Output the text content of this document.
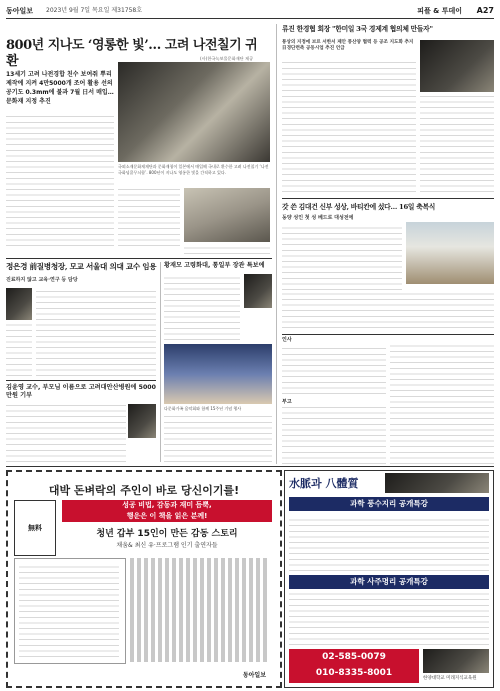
동아일보 2023년 9월 7일 목요일 제31758호	피플 & 투데이 A27
800년 지나도 ‘영롱한 빛’… 고려 나전칠기 귀환	(사)한국녹보물문화재단 제공
13세기 고려 나전경합 친수 보여줘 뿌리 제작에 지켜 4만5000개 조어 활용 선의 공기도 0.3mm에 불과 7월 日서 매입… 문화재 지정 추진
국외소재문화재재단과 문화재청이 일본에서 매입해 국내로 환수한 고려 나전칠기 ‘나전국화넝쿨무늬합’. 800년이 지나도 영롱한 빛을 간직하고 있다.
정은경 前질병청장, 모교 서울대 의대 교수 임용
진료하지 않고 교육·연구 등 담당
김윤영 교수, 부모님 이름으로 고려대안산병원에 5000만원 기부
황재모 고령화대, 통일부 장관 특보에
다문화가족 음악회와 함께 15주년 기념 행사
류진 한경협 회장 "한미일 3국 경제계 협의체 만들자"
통상의 지정에 브르 서한서 제안 풍산양 협력 등 공조 지도화 추지 日경단련측 공동시업 추진 언급
갓 쓴 김대건 신부 성상, 바티칸에 섰다… 16일 축복식
동양 성인 첫 성 베드로 대성전에
인사
부고
대박 돈벼락의 주인이 바로 당신이기를!
無料
성공 비법, 감동과 재미 듬뿍,
행운은 이 책을 읽은 분께!
청년 갑부 15인이 만든 감동 스토리
채움& 최신 유·프로그램 인기 출연자들
동아일보
水脈과 八體質
과학 풍수지리 공개특강
과학 사주명리 공개특강
02-585-0079
010-8335-8001
한양대학교 미래지식교육원
